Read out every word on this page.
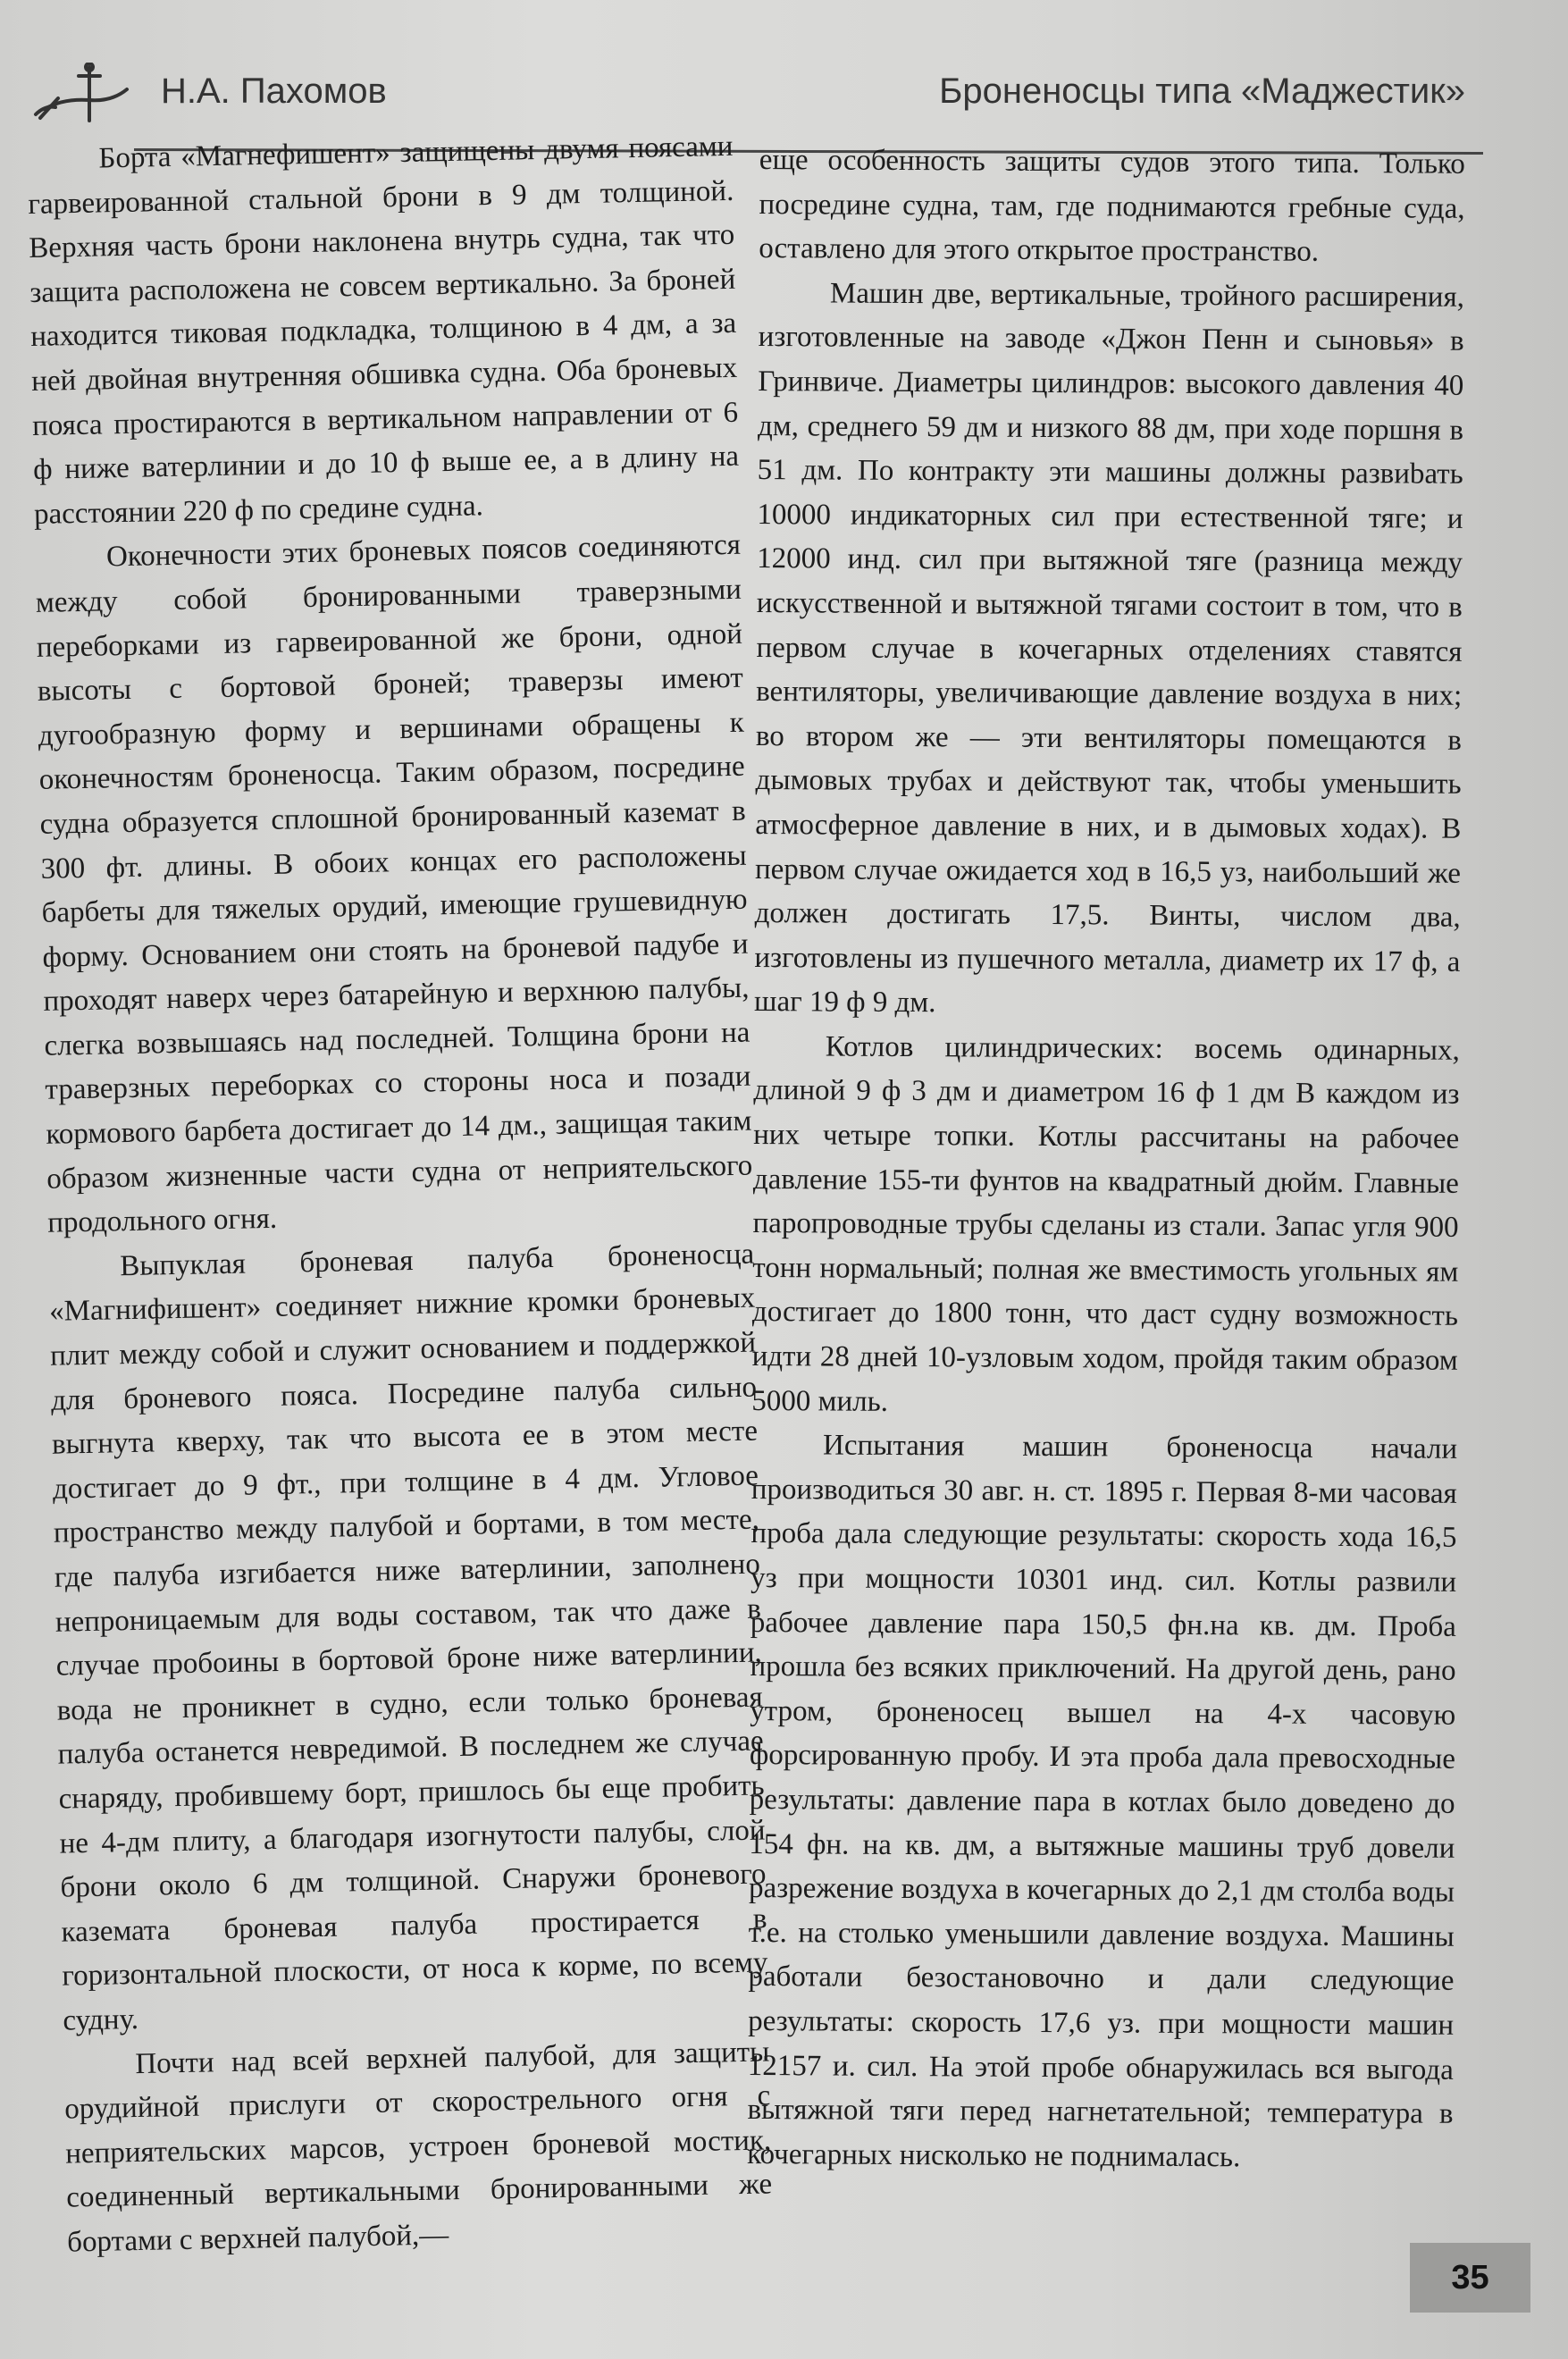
Н.А. Пахомов	Броненосцы типа «Маджестик»

Борта «Магнефишент» защищены двумя поясами гарвеированной стальной брони в 9 дм толщиной. Верхняя часть брони наклонена внутрь судна, так что защита расположена не совсем вертикально. За броней находится тиковая подкладка, толщиною в 4 дм, а за ней двойная внутренняя обшивка судна. Оба броневых пояса простираются в вертикальном направлении от 6 ф ниже ватерлинии и до 10 ф выше ее, а в длину на расстоянии 220 ф по средине судна.

Оконечности этих броневых поясов соединяются между собой бронированными траверзными переборками из гарвеированной же брони, одной высоты с бортовой броней; траверзы имеют дугообразную форму и вершинами обращены к оконечностям броненосца. Таким образом, посредине судна образуется сплошной бронированный каземат в 300 фт. длины. В обоих концах его расположены барбеты для тяжелых орудий, имеющие грушевидную форму. Основанием они стоять на броневой падубе и проходят наверх через батарейную и верхнюю палубы, слегка возвышаясь над последней. Толщина брони на траверзных переборках со стороны носа и позади кормового барбета достигает до 14 дм., защищая таким образом жизненные части судна от неприятельского продольного огня.

Выпуклая броневая палуба броненосца «Магнифишент» соединяет нижние кромки броневых плит между собой и служит основанием и поддержкой для броневого пояса. Посредине палуба сильно выгнута кверху, так что высота ее в этом месте достигает до 9 фт., при толщине в 4 дм. Угловое пространство между палубой и бортами, в том месте, где палуба изгибается ниже ватерлинии, заполнено непроницаемым для воды составом, так что даже в случае пробоины в бортовой броне ниже ватерлинии, вода не проникнет в судно, если только броневая палуба останется невредимой. В последнем же случае снаряду, пробившему борт, пришлось бы еще пробить не 4-дм плиту, а благодаря изогнутости палубы, слой брони около 6 дм толщиной. Снаружи броневого каземата броневая палуба простирается в горизонтальной плоскости, от носа к корме, по всему судну.

Почти над всей верхней палубой, для защиты орудийной прислуги от скорострельного огня с неприятельских марсов, устроен броневой мостик, соединенный вертикальными бронированными же бортами с верхней палубой,—

еще особенность защиты судов этого типа. Только посредине судна, там, где поднимаются гребные суда, оставлено для этого открытое пространство.

Машин две, вертикальные, тройного расширения, изготовленные на заводе «Джон Пенн и сыновья» в Гринвиче. Диаметры цилиндров: высокого давления 40 дм, среднего 59 дм и низкого 88 дм, при ходе поршня в 51 дм. По контракту эти машины должны развиbать 10000 индикаторных сил при естественной тяге; и 12000 инд. сил при вытяжной тяге (разница между искусственной и вытяжной тягами состоит в том, что в первом случае в кочегарных отделениях ставятся вентиляторы, увеличивающие давление воздуха в них; во втором же — эти вентиляторы помещаются в дымовых трубах и действуют так, чтобы уменьшить атмосферное давление в них, и в дымовых ходах). В первом случае ожидается ход в 16,5 уз, наибольший же должен достигать 17,5. Винты, числом два, изготовлены из пушечного металла, диаметр их 17 ф, а шаг 19 ф 9 дм.

Котлов цилиндрических: восемь одинарных, длиной 9 ф 3 дм и диаметром 16 ф 1 дм В каждом из них четыре топки. Котлы рассчитаны на рабочее давление 155-ти фунтов на квадратный дюйм. Главные паропроводные трубы сделаны из стали. Запас угля 900 тонн нормальный; полная же вместимость угольных ям достигает до 1800 тонн, что даст судну возможность идти 28 дней 10-узловым ходом, пройдя таким образом 5000 миль.

Испытания машин броненосца начали производиться 30 авг. н. ст. 1895 г. Первая 8-ми часовая проба дала следующие результаты: скорость хода 16,5 уз при мощности 10301 инд. сил. Котлы развили рабочее давление пара 150,5 фн.на кв. дм. Проба прошла без всяких приключений. На другой день, рано утром, броненосец вышел на 4-х часовую форсированную пробу. И эта проба дала превосходные результаты: давление пара в котлах было доведено до 154 фн. на кв. дм, а вытяжные машины труб довели разрежение воздуха в кочегарных до 2,1 дм столба воды т.е. на столько уменьшили давление воздуха. Машины работали безостановочно и дали следующие результаты: скорость 17,6 уз. при мощности машин 12157 и. сил. На этой пробе обнаружилась вся выгода вытяжной тяги перед нагнетательной; температура в кочегарных нисколько не поднималась.

35
